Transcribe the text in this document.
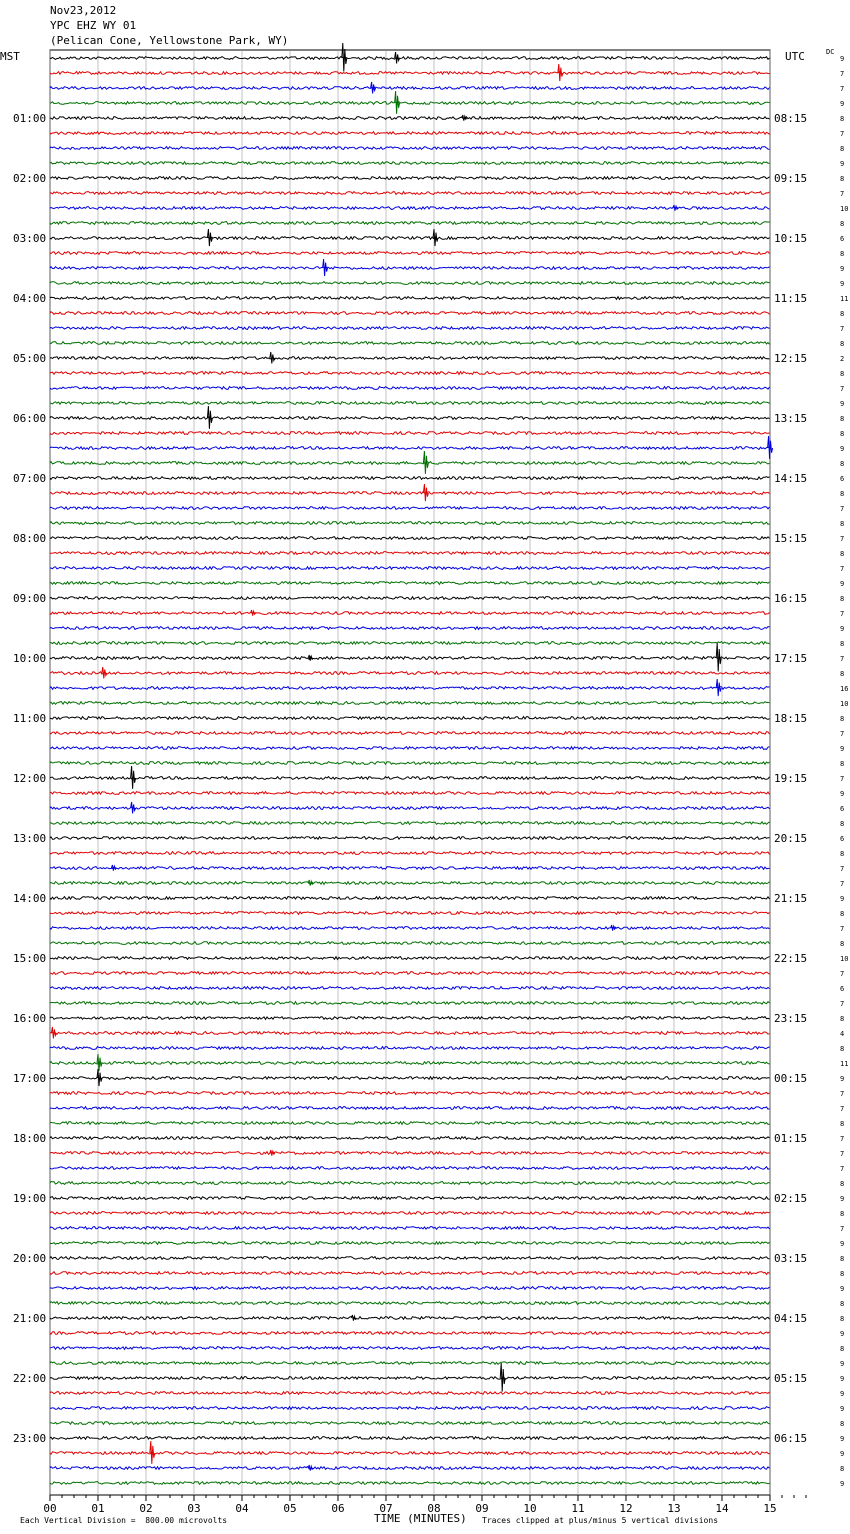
Nov23,2012
YPC EHZ WY 01
(Pelican Cone, Yellowstone Park, WY)
MST	UTC	DC
00	01	02	03	04	05	06	07	08	09	10	11	12	13	14	15
9
7
7
9
8
7
8
9
8
7
10
8
6
8
9
9
11
8
7
8
2
8
7
9
8
8
9
8
6
8
7
8
7
8
7
9
8
7
9
8
7
8
16
10
8
7
9
8
7
9
6
8
6
8
7
7
9
8
7
8
10
7
6
7
8
4
8
11
9
7
7
8
7
7
7
8
9
8
7
9
8
8
9
8
8
9
8
9
9
9
9
8
9
9
8
9
01:00	08:15
02:00	09:15
03:00	10:15
04:00	11:15
05:00	12:15
06:00	13:15
07:00	14:15
08:00	15:15
09:00	16:15
10:00	17:15
11:00	18:15
12:00	19:15
13:00	20:15
14:00	21:15
15:00	22:15
16:00	23:15
17:00	00:15
18:00	01:15
19:00	02:15
20:00	03:15
21:00	04:15
22:00	05:15
23:00	06:15
Each Vertical Division =  800.00 microvolts	TIME (MINUTES) Traces clipped at plus/minus 5 vertical divisions
